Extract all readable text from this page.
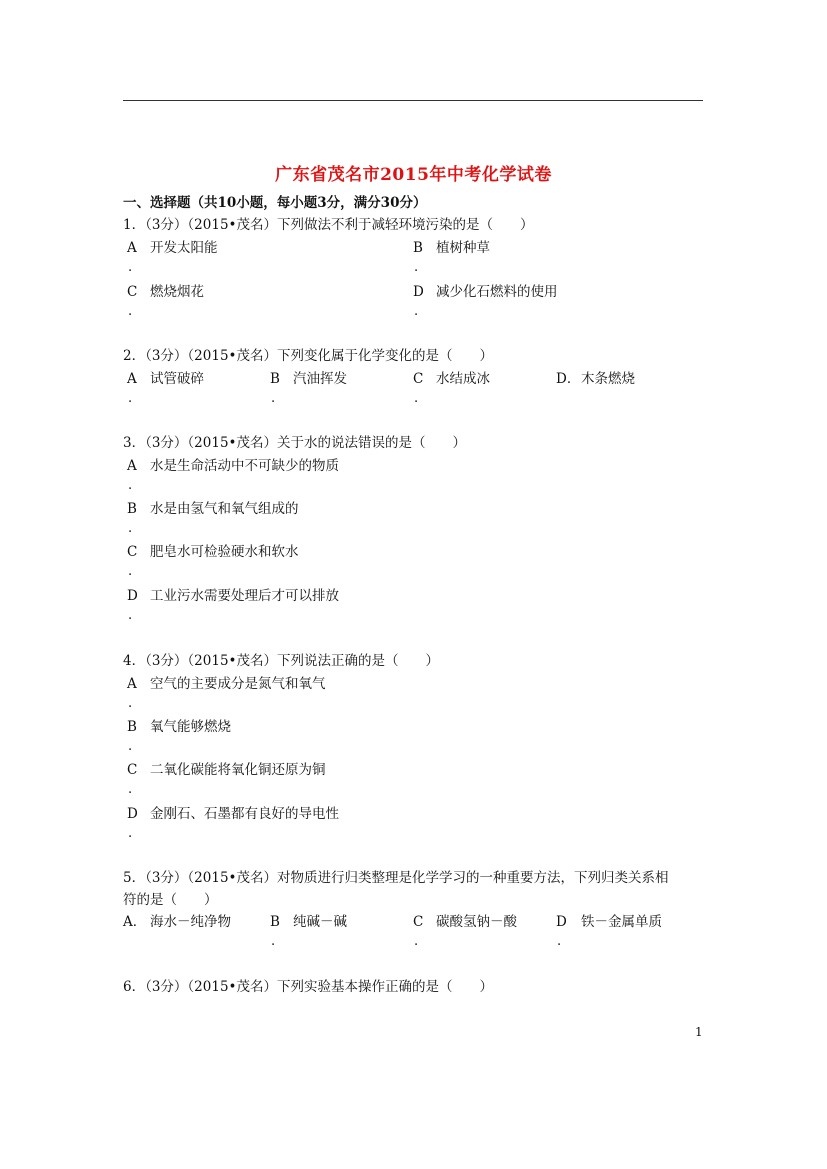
广东省茂名市2015年中考化学试卷
一、选择题（共10小题，每小题3分，满分30分）
1．（3分）（2015•茂名）下列做法不利于减轻环境污染的是（　　）
A 开发太阳能
.
B 植树种草
.
C 燃烧烟花
.
D 减少化石燃料的使用
.
2．（3分）（2015•茂名）下列变化属于化学变化的是（　　）
A 试管破碎
.
B 汽油挥发
.
C 水结成冰
.
D． 木条燃烧
3．（3分）（2015•茂名）关于水的说法错误的是（　　）
A 水是生命活动中不可缺少的物质
.
B 水是由氢气和氧气组成的
.
C 肥皂水可检验硬水和软水
.
D 工业污水需要处理后才可以排放
.
4．（3分）（2015•茂名）下列说法正确的是（　　）
A 空气的主要成分是氮气和氧气
.
B 氧气能够燃烧
.
C 二氧化碳能将氧化铜还原为铜
.
D 金刚石、石墨都有良好的导电性
.
5．（3分）（2015•茂名）对物质进行归类整理是化学学习的一种重要方法，下列归类关系相
符的是（　　）
A． 海水－纯净物	B 纯碱－碱
.
C 碳酸氢钠－酸
.
D 铁－金属单质
.
6．（3分）（2015•茂名）下列实验基本操作正确的是（　　）
1
